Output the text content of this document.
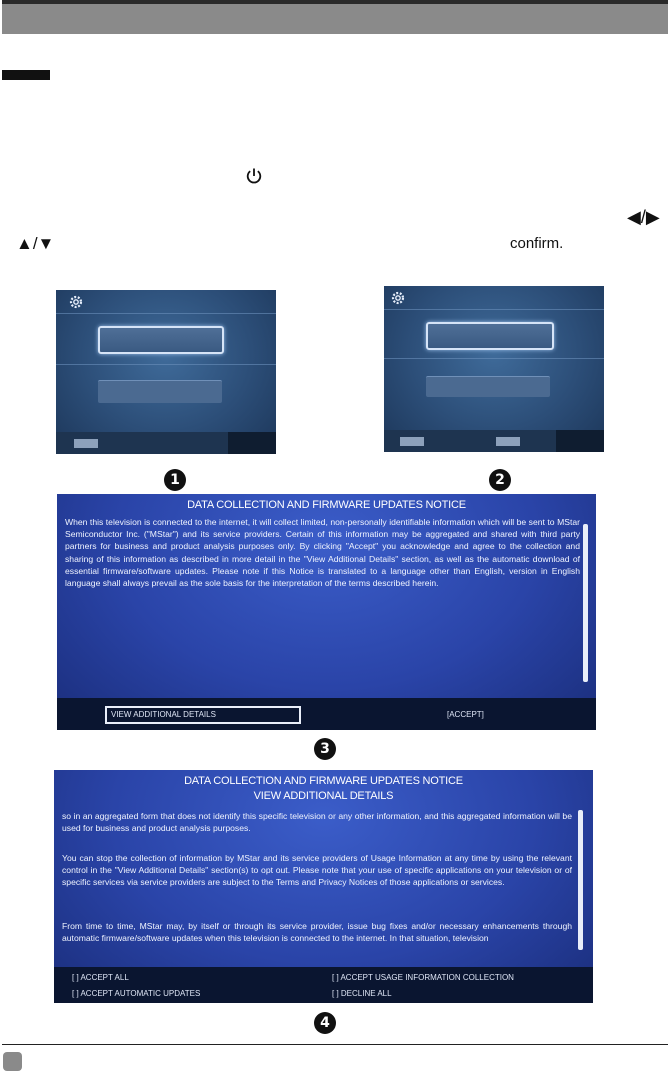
◀/▶
▲/▼	confirm.
1	2
DATA COLLECTION AND FIRMWARE UPDATES NOTICE
When this television is connected to the internet, it will collect limited, non-personally identifiable information which will be sent to MStar Semiconductor Inc. ("MStar") and its service providers. Certain of this information may be aggregated and shared with third party partners for business and product analysis purposes only. By clicking "Accept" you acknowledge and agree to the collection and sharing of this information as described in more detail in the "View Additional Details" section, as well as the automatic download of essential firmware/software updates. Please note if this Notice is translated to a language other than English, version in English language shall always prevail as the sole basis for the interpretation of the terms described herein.
VIEW ADDITIONAL DETAILS	[ACCEPT]
3
DATA COLLECTION AND FIRMWARE UPDATES NOTICE
VIEW ADDITIONAL DETAILS
so in an aggregated form that does not identify this specific television or any other information, and this aggregated information will be used for business and product analysis purposes.
You can stop the collection of information by MStar and its service providers of Usage Information at any time by using the relevant control in the "View Additional Details" section(s) to opt out. Please note that your use of specific applications on your television or of specific services via service providers are subject to the Terms and Privacy Notices of those applications or services.
From time to time, MStar may, by itself or through its service provider, issue bug fixes and/or necessary enhancements through automatic firmware/software updates when this television is connected to the internet. In that situation, television
[ ] ACCEPT ALL	[ ] ACCEPT USAGE INFORMATION COLLECTION
[ ] ACCEPT AUTOMATIC UPDATES	[ ] DECLINE ALL
4
